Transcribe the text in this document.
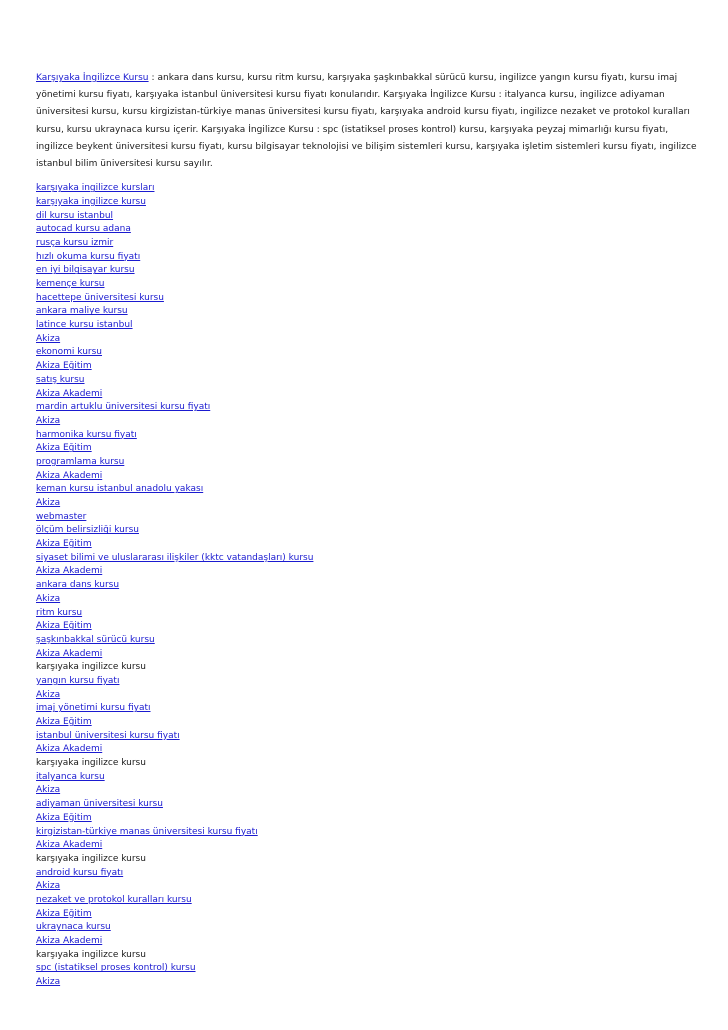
Karşıyaka İngilizce Kursu : ankara dans kursu, kursu ritm kursu, karşıyaka şaşkınbakkal sürücü kursu, ingilizce yangın kursu fiyatı, kursu imaj yönetimi kursu fiyatı, karşıyaka istanbul üniversitesi kursu fiyatı konularıdır. Karşıyaka İngilizce Kursu : italyanca kursu, ingilizce adiyaman üniversitesi kursu, kursu kirgizistan-türkiye manas üniversitesi kursu fiyatı, karşıyaka android kursu fiyatı, ingilizce nezaket ve protokol kuralları kursu, kursu ukraynaca kursu içerir. Karşıyaka İngilizce Kursu : spc (istatiksel proses kontrol) kursu, karşıyaka peyzaj mimarlığı kursu fiyatı, ingilizce beykent üniversitesi kursu fiyatı, kursu bilgisayar teknolojisi ve bilişim sistemleri kursu, karşıyaka işletim sistemleri kursu fiyatı, ingilizce istanbul bilim üniversitesi kursu sayılır.

karşıyaka ingilizce kursları
karşıyaka ingilizce kursu
dil kursu istanbul
autocad kursu adana
rusça kursu izmir
hızlı okuma kursu fiyatı
en iyi bilgisayar kursu
kemençe kursu
hacettepe üniversitesi kursu
ankara maliye kursu
latince kursu istanbul
Akiza
ekonomi kursu
Akiza Eğitim
satış kursu
Akiza Akademi
mardin artuklu üniversitesi kursu fiyatı
Akiza
harmonika kursu fiyatı
Akiza Eğitim
programlama kursu
Akiza Akademi
keman kursu istanbul anadolu yakası
Akiza
webmaster
ölçüm belirsizliği kursu
Akiza Eğitim
siyaset bilimi ve uluslararası ilişkiler (kktc vatandaşları) kursu
Akiza Akademi
ankara dans kursu
Akiza
ritm kursu
Akiza Eğitim
şaşkınbakkal sürücü kursu
Akiza Akademi
karşıyaka ingilizce kursu
yangın kursu fiyatı
Akiza
imaj yönetimi kursu fiyatı
Akiza Eğitim
istanbul üniversitesi kursu fiyatı
Akiza Akademi
karşıyaka ingilizce kursu
italyanca kursu
Akiza
adiyaman üniversitesi kursu
Akiza Eğitim
kirgizistan-türkiye manas üniversitesi kursu fiyatı
Akiza Akademi
karşıyaka ingilizce kursu
android kursu fiyatı
Akiza
nezaket ve protokol kuralları kursu
Akiza Eğitim
ukraynaca kursu
Akiza Akademi
karşıyaka ingilizce kursu
spc (istatiksel proses kontrol) kursu
Akiza
